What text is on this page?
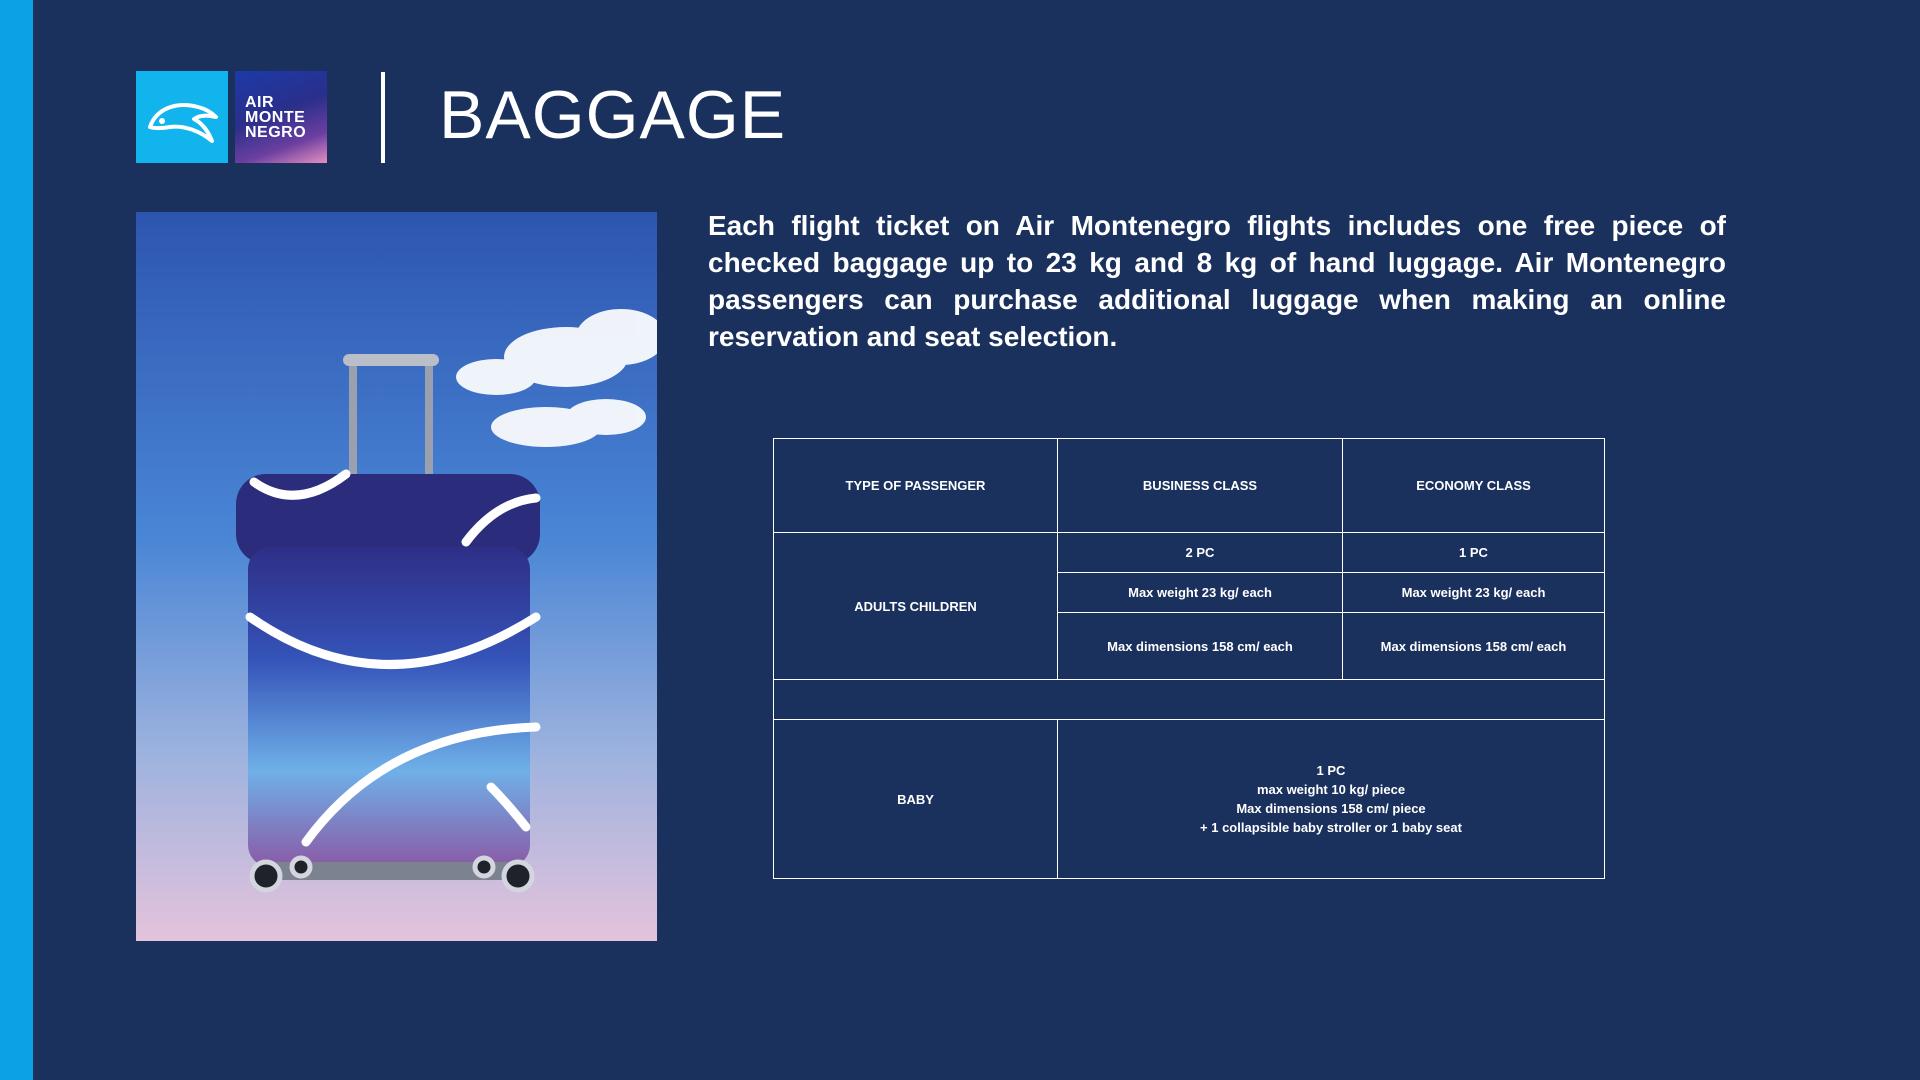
AIR
MONTE
NEGRO	BAGGAGE

Each flight ticket on Air Montenegro flights includes one free piece of checked baggage up to 23 kg and 8 kg of hand luggage. Air Montenegro passengers can purchase additional luggage when making an online reservation and seat selection.

TYPE OF PASSENGER	BUSINESS CLASS	ECONOMY CLASS
ADULTS CHILDREN	2 PC	1 PC
	Max weight 23 kg/ each	Max weight 23 kg/ each
	Max dimensions 158 cm/ each	Max dimensions 158 cm/ each

BABY	1 PC
max weight 10 kg/ piece
Max dimensions 158 cm/ piece
+ 1 collapsible baby stroller or 1 baby seat	
